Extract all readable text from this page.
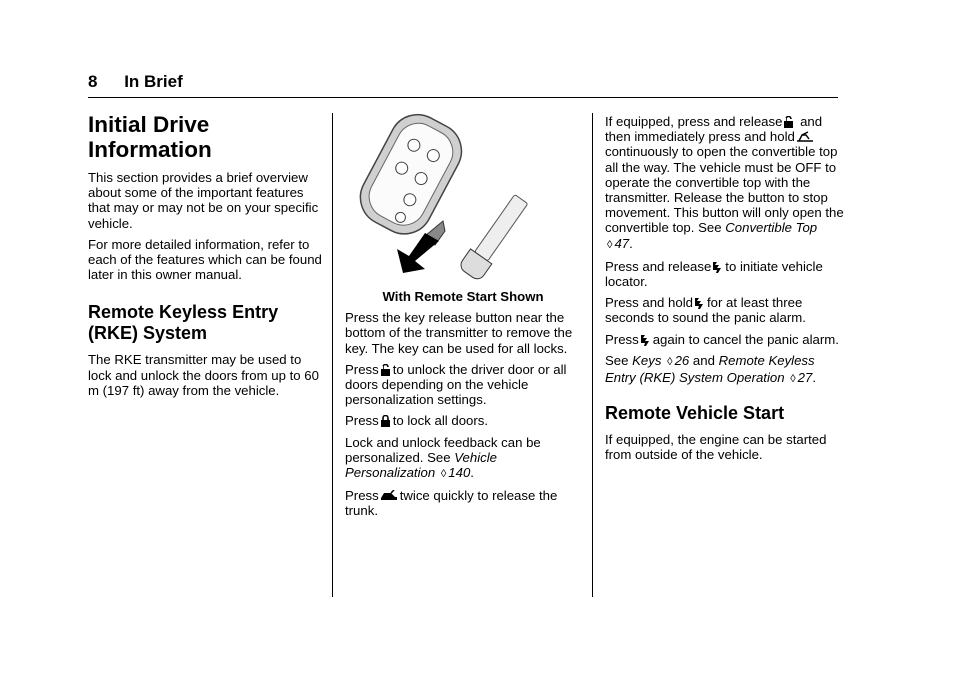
8 In Brief
Initial Drive Information

This section provides a brief overview about some of the important features that may or may not be on your specific vehicle.

For more detailed information, refer to each of the features which can be found later in this owner manual.

Remote Keyless Entry (RKE) System

The RKE transmitter may be used to lock and unlock the doors from up to 60 m (197 ft) away from the vehicle.

With Remote Start Shown

Press the key release button near the bottom of the transmitter to remove the key. The key can be used for all locks.

Press to unlock the driver door or all doors depending on the vehicle personalization settings.

Press to lock all doors.

Lock and unlock feedback can be personalized. See Vehicle Personalization ◊ 140.

Press twice quickly to release the trunk.

If equipped, press and release and then immediately press and hold
continuously to open the convertible top all the way. The vehicle must be OFF to operate the convertible top with the transmitter. Release the button to stop movement. This button will only open the convertible top. See Convertible Top ◊ 47.

Press and release to initiate vehicle locator.

Press and hold for at least three seconds to sound the panic alarm.

Press again to cancel the panic alarm.

See Keys ◊ 26 and Remote Keyless Entry (RKE) System Operation ◊ 27.

Remote Vehicle Start

If equipped, the engine can be started from outside of the vehicle.
